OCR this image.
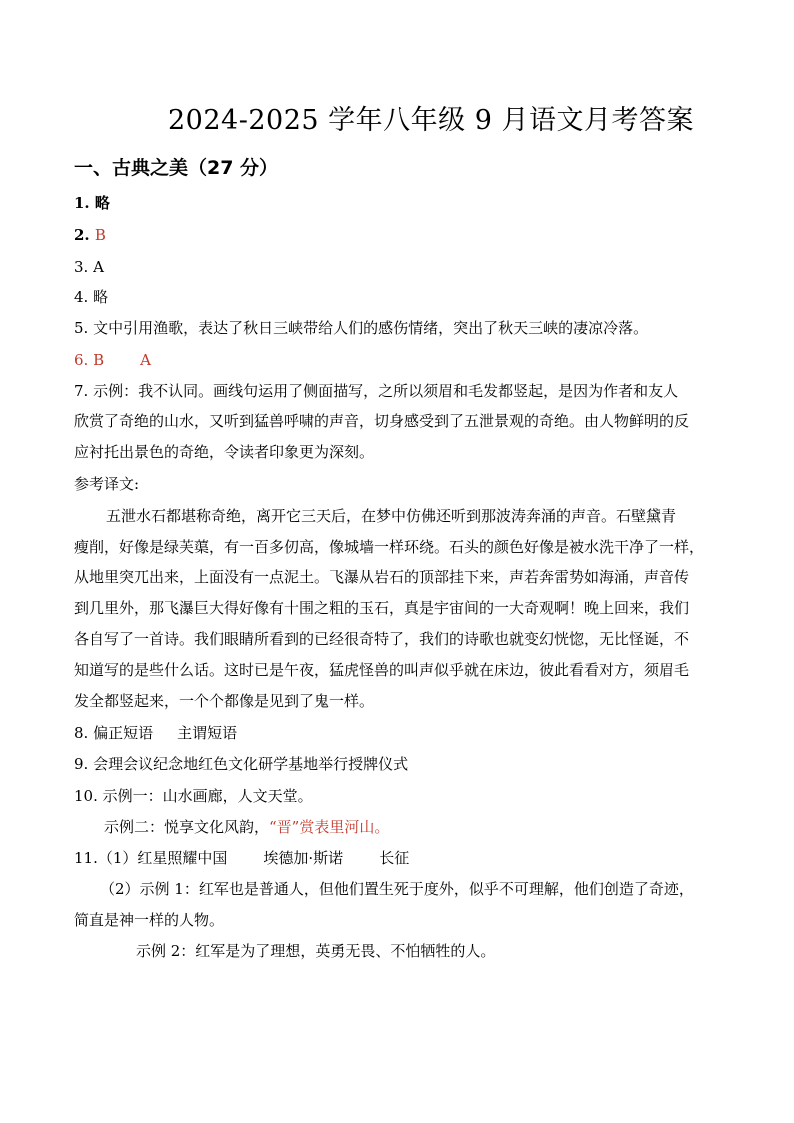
2024-2025 学年八年级 9 月语文月考答案
一、古典之美（27 分）
1. 略
2. B
3. A
4. 略
5. 文中引用渔歌，表达了秋日三峡带给人们的感伤情绪，突出了秋天三峡的凄凉冷落。
6. B A
7. 示例：我不认同。画线句运用了侧面描写，之所以须眉和毛发都竖起，是因为作者和友人
欣赏了奇绝的山水，又听到猛兽呼啸的声音，切身感受到了五泄景观的奇绝。由人物鲜明的反
应衬托出景色的奇绝，令读者印象更为深刻。
参考译文:
五泄水石都堪称奇绝，离开它三天后，在梦中仿佛还听到那波涛奔涌的声音。石壁黛青
瘦削，好像是绿芙蕖，有一百多仞高，像城墙一样环绕。石头的颜色好像是被水洗干净了一样，
从地里突兀出来，上面没有一点泥土。飞瀑从岩石的顶部挂下来，声若奔雷势如海涌，声音传
到几里外，那飞瀑巨大得好像有十围之粗的玉石，真是宇宙间的一大奇观啊！晚上回来，我们
各自写了一首诗。我们眼睛所看到的已经很奇特了，我们的诗歌也就变幻恍惚，无比怪诞，不
知道写的是些什么话。这时已是午夜，猛虎怪兽的叫声似乎就在床边，彼此看看对方，须眉毛
发全都竖起来，一个个都像是见到了鬼一样。
8. 偏正短语 主谓短语
9. 会理会议纪念地红色文化研学基地举行授牌仪式
10. 示例一：山水画廊，人文天堂。
示例二：悦享文化风韵，“晋”赏表里河山。
11.（1）红星照耀中国 埃德加·斯诺 长征
（2）示例 1：红军也是普通人，但他们置生死于度外，似乎不可理解，他们创造了奇迹，
简直是神一样的人物。
示例 2：红军是为了理想，英勇无畏、不怕牺牲的人。
